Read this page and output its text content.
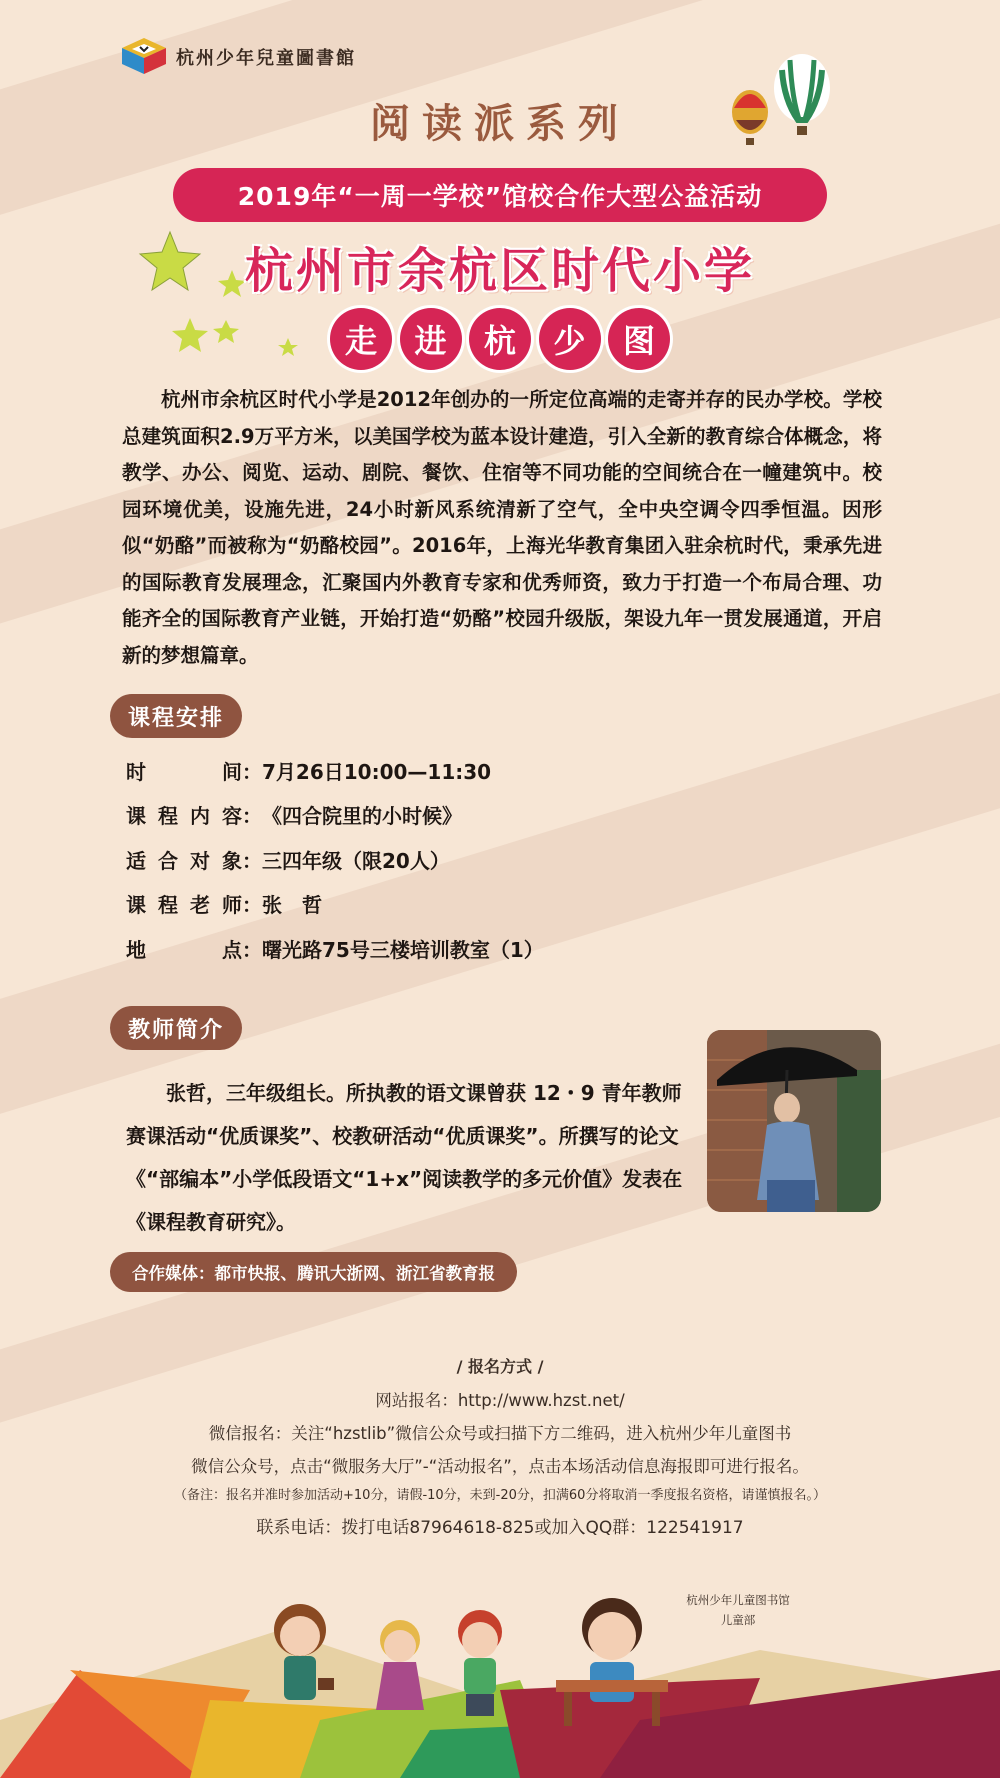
杭州少年兒童圖書館
阅读派系列
2019年“一周一学校”馆校合作大型公益活动
杭州市余杭区时代小学
走	进	杭	少	图

杭州市余杭区时代小学是2012年创办的一所定位高端的走寄并存的民办学校。学校总建筑面积2.9万平方米，以美国学校为蓝本设计建造，引入全新的教育综合体概念，将教学、办公、阅览、运动、剧院、餐饮、住宿等不同功能的空间统合在一幢建筑中。校园环境优美，设施先进，24小时新风系统清新了空气，全中央空调令四季恒温。因形似“奶酪”而被称为“奶酪校园”。2016年，上海光华教育集团入驻余杭时代，秉承先进的国际教育发展理念，汇聚国内外教育专家和优秀师资，致力于打造一个布局合理、功能齐全的国际教育产业链，开始打造“奶酪”校园升级版，架设九年一贯发展通道，开启新的梦想篇章。

课程安排
时	间 ： 7月26日10:00—11:30
课 程 内 容 ： 《四合院里的小时候》
适 合 对 象 ： 三四年级（限20人）
课 程 老 师 ： 张　哲
地	点 ： 曙光路75号三楼培训教室（1）
教师简介

张哲，三年级组长。所执教的语文课曾获 12・9 青年教师赛课活动“优质课奖”、校教研活动“优质课奖”。所撰写的论文《“部编本”小学低段语文“1+x”阅读教学的多元价值》发表在《课程教育研究》。

合作媒体：都市快报、腾讯大浙网、浙江省教育报
/ 报名方式 /
网站报名：http://www.hzst.net/
微信报名：关注“hzstlib”微信公众号或扫描下方二维码，进入杭州少年儿童图书
微信公众号，点击“微服务大厅”-“活动报名”，点击本场活动信息海报即可进行报名。
（备注：报名并准时参加活动+10分，请假-10分，未到-20分，扣满60分将取消一季度报名资格，请谨慎报名。）
联系电话：拨打电话87964618-825或加入QQ群：122541917
杭州少年儿童图书馆
儿童部
